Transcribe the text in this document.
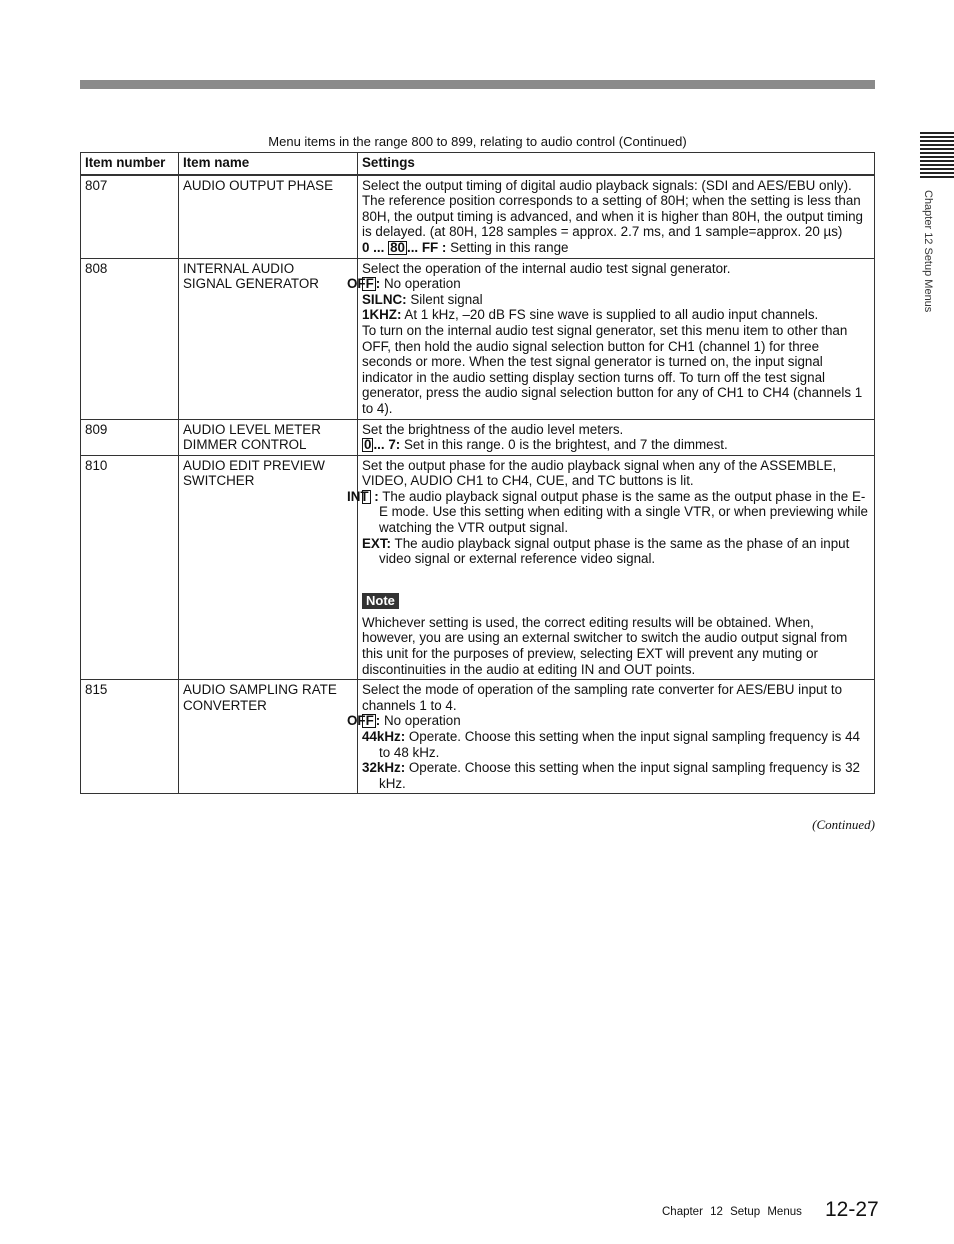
Chapter 12 Setup Menus
Menu items in the range 800 to 899, relating to audio control (Continued)
Item number	Item name	Settings
807	AUDIO OUTPUT PHASE	Select the output timing of digital audio playback signals: (SDI and AES/EBU only). The reference position corresponds to a setting of 80H; when the setting is less than 80H, the output timing is advanced, and when it is higher than 80H, the output timing is delayed. (at 80H, 128 samples = approx. 2.7 ms, and 1 sample=approx. 20 µs)
0 ... 80 ... FF : Setting in this range

808	INTERNAL AUDIO
SIGNAL GENERATOR	Select the operation of the internal audio test signal generator.
OFF : No operation
SILNC: Silent signal
1KHZ: At 1 kHz, –20 dB FS sine wave is supplied to all audio input channels.
To turn on the internal audio test signal generator, set this menu item to other than OFF, then hold the audio signal selection button for CH1 (channel 1) for three seconds or more. When the test signal generator is turned on, the input signal indicator in the audio setting display section turns off. To turn off the test signal generator, press the audio signal selection button for any of CH1 to CH4 (channels 1 to 4).

809	AUDIO LEVEL METER
DIMMER CONTROL	Set the brightness of the audio level meters.
0 ... 7: Set in this range. 0 is the brightest, and 7 the dimmest.

810	AUDIO EDIT PREVIEW
SWITCHER	Set the output phase for the audio playback signal when any of the ASSEMBLE, VIDEO, AUDIO CH1 to CH4, CUE, and TC buttons is lit.
INT : The audio playback signal output phase is the same as the output phase in the E-E mode. Use this setting when editing with a single VTR, or when previewing while watching the VTR output signal.
EXT: The audio playback signal output phase is the same as the phase of an input video signal or external reference video signal.
Note
Whichever setting is used, the correct editing results will be obtained. When, however, you are using an external switcher to switch the audio output signal from this unit for the purposes of preview, selecting EXT will prevent any muting or discontinuities in the audio at editing IN and OUT points.

815	AUDIO SAMPLING RATE
CONVERTER	Select the mode of operation of the sampling rate converter for AES/EBU input to channels 1 to 4.
OFF : No operation
44kHz: Operate. Choose this setting when the input signal sampling frequency is 44 to 48 kHz.
32kHz: Operate. Choose this setting when the input signal sampling frequency is 32 kHz.
(Continued)
Chapter 12 Setup Menus 12-27
